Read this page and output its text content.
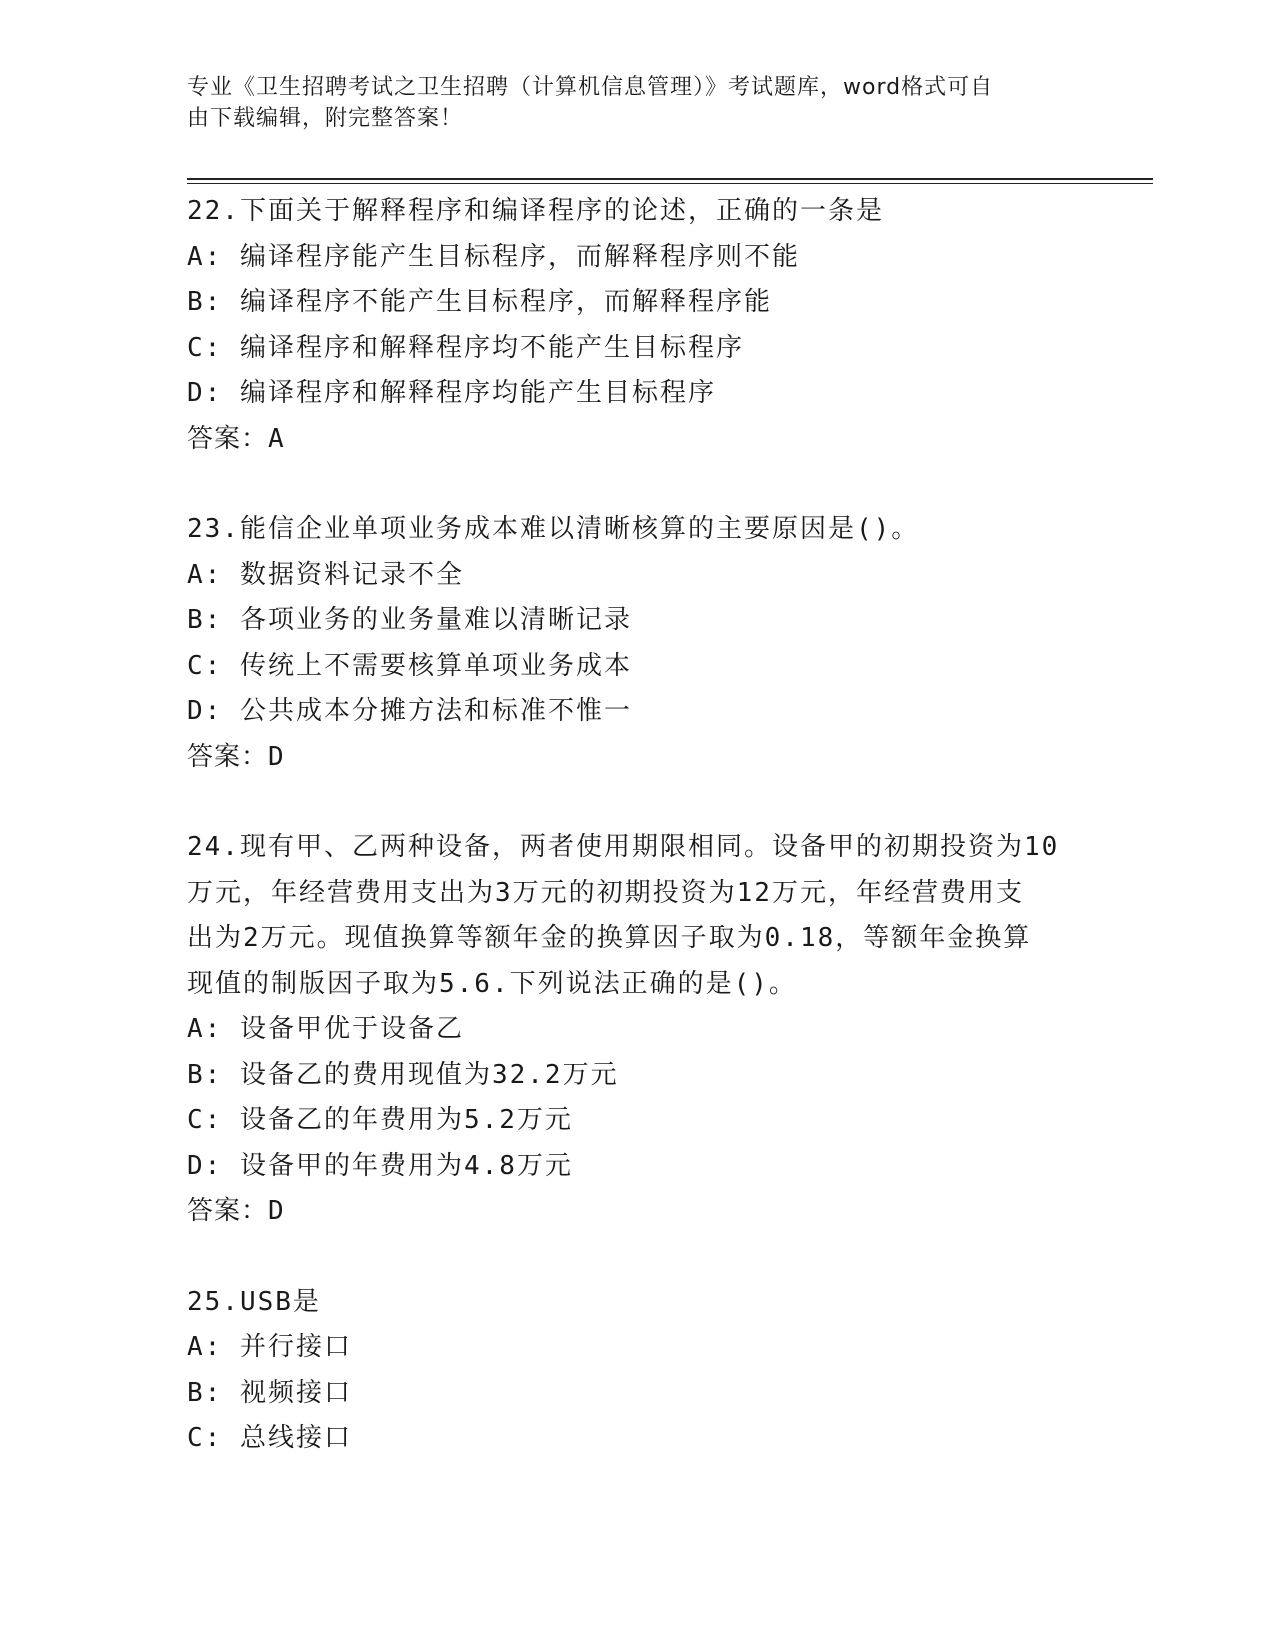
专业《卫生招聘考试之卫生招聘（计算机信息管理）》考试题库，word格式可自
由下载编辑，附完整答案！
22.下面关于解释程序和编译程序的论述，正确的一条是
A: 编译程序能产生目标程序，而解释程序则不能
B: 编译程序不能产生目标程序，而解释程序能
C: 编译程序和解释程序均不能产生目标程序
D: 编译程序和解释程序均能产生目标程序
答案：A
23.能信企业单项业务成本难以清晰核算的主要原因是()。
A: 数据资料记录不全
B: 各项业务的业务量难以清晰记录
C: 传统上不需要核算单项业务成本
D: 公共成本分摊方法和标准不惟一
答案：D
24.现有甲、乙两种设备，两者使用期限相同。设备甲的初期投资为10
万元，年经营费用支出为3万元的初期投资为12万元，年经营费用支
出为2万元。现值换算等额年金的换算因子取为0.18，等额年金换算
现值的制版因子取为5.6.下列说法正确的是()。
A: 设备甲优于设备乙
B: 设备乙的费用现值为32.2万元
C: 设备乙的年费用为5.2万元
D: 设备甲的年费用为4.8万元
答案：D
25.USB是
A: 并行接口
B: 视频接口
C: 总线接口
